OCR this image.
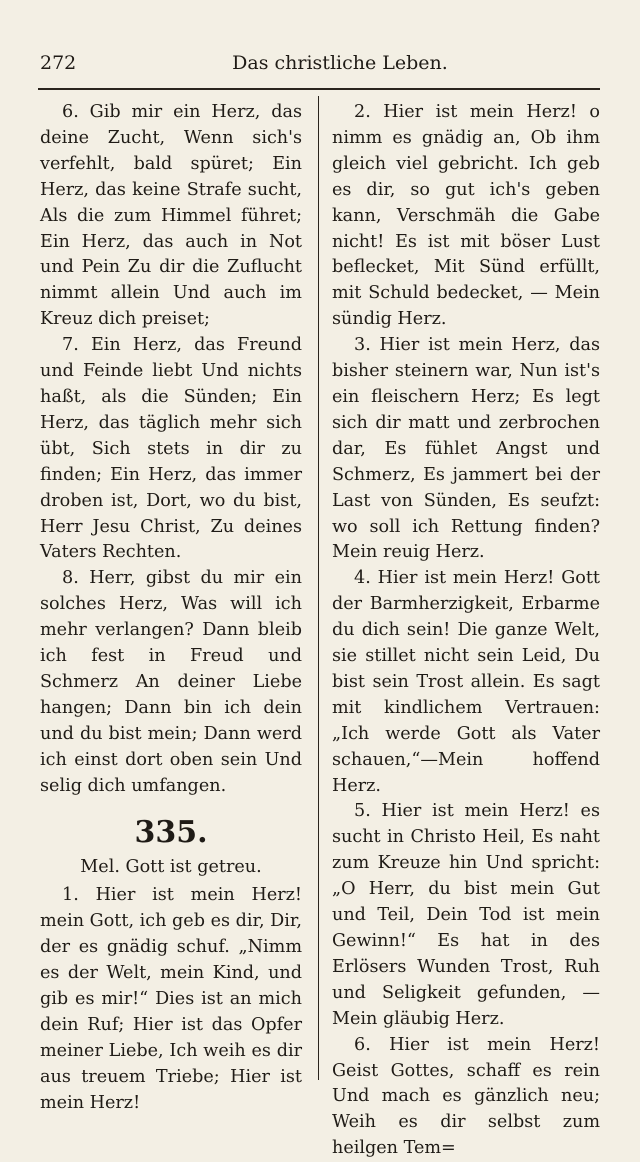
272	Das christliche Leben.

6. Gib mir ein Herz, das deine Zucht, Wenn sich's verfehlt, bald spüret; Ein Herz, das keine Strafe sucht, Als die zum Himmel führet; Ein Herz, das auch in Not und Pein Zu dir die Zuflucht nimmt allein Und auch im Kreuz dich preiset;

7. Ein Herz, das Freund und Feinde liebt Und nichts haßt, als die Sünden; Ein Herz, das täglich mehr sich übt, Sich stets in dir zu finden; Ein Herz, das immer droben ist, Dort, wo du bist, Herr Jesu Christ, Zu deines Vaters Rechten.

8. Herr, gibst du mir ein solches Herz, Was will ich mehr verlangen? Dann bleib ich fest in Freud und Schmerz An deiner Liebe hangen; Dann bin ich dein und du bist mein; Dann werd ich einst dort oben sein Und selig dich umfangen.

335.
Mel. Gott ist getreu.

1. Hier ist mein Herz! mein Gott, ich geb es dir, Dir, der es gnädig schuf. „Nimm es der Welt, mein Kind, und gib es mir!“ Dies ist an mich dein Ruf; Hier ist das Opfer meiner Liebe, Ich weih es dir aus treuem Triebe; Hier ist mein Herz!

2. Hier ist mein Herz! o nimm es gnädig an, Ob ihm gleich viel gebricht. Ich geb es dir, so gut ich's geben kann, Verschmäh die Gabe nicht! Es ist mit böser Lust beflecket, Mit Sünd erfüllt, mit Schuld bedecket, — Mein sündig Herz.

3. Hier ist mein Herz, das bisher steinern war, Nun ist's ein fleischern Herz; Es legt sich dir matt und zerbrochen dar, Es fühlet Angst und Schmerz, Es jammert bei der Last von Sünden, Es seufzt: wo soll ich Rettung finden? Mein reuig Herz.

4. Hier ist mein Herz! Gott der Barmherzigkeit, Erbarme du dich sein! Die ganze Welt, sie stillet nicht sein Leid, Du bist sein Trost allein. Es sagt mit kindlichem Vertrauen: „Ich werde Gott als Vater schauen,“—Mein hoffend Herz.

5. Hier ist mein Herz! es sucht in Christo Heil, Es naht zum Kreuze hin Und spricht: „O Herr, du bist mein Gut und Teil, Dein Tod ist mein Gewinn!“ Es hat in des Erlösers Wunden Trost, Ruh und Seligkeit gefunden, — Mein gläubig Herz.

6. Hier ist mein Herz! Geist Gottes, schaff es rein Und mach es gänzlich neu; Weih es dir selbst zum heilgen Tem=
